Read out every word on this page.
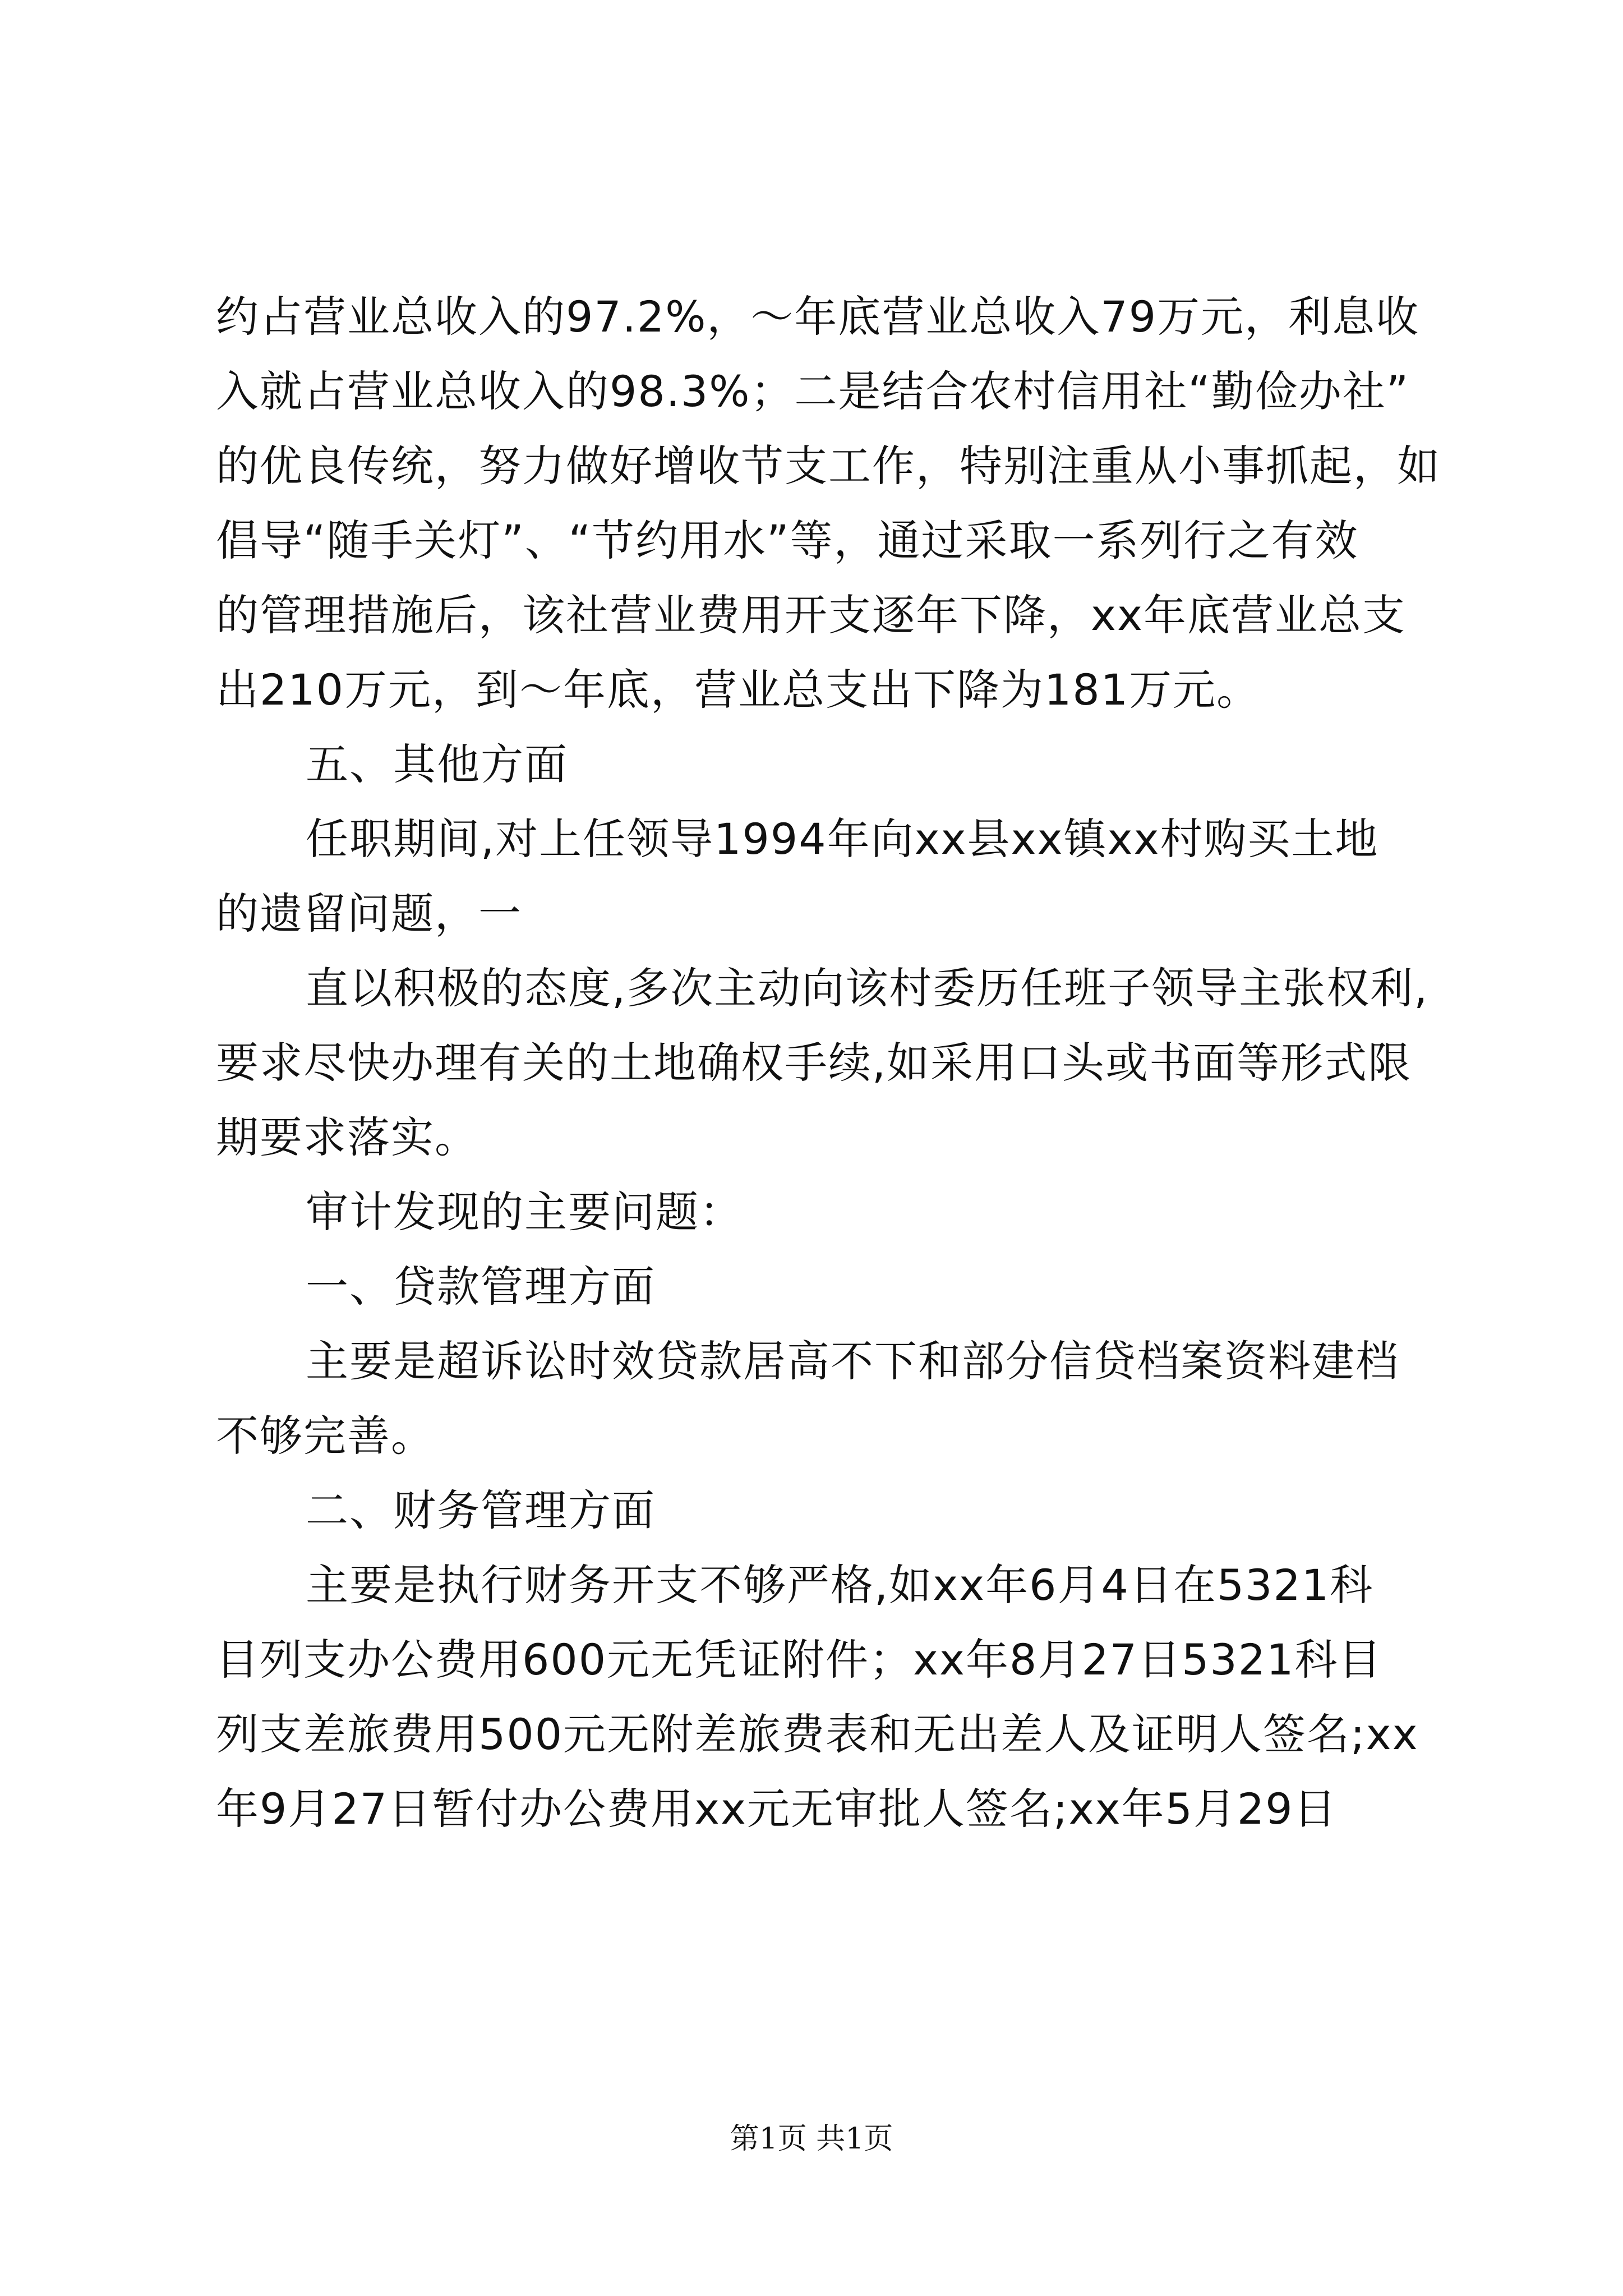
约占营业总收入的97.2%，～年底营业总收入79万元，利息收
入就占营业总收入的98.3%；二是结合农村信用社“勤俭办社”
的优良传统，努力做好增收节支工作，特别注重从小事抓起，如
倡导“随手关灯”、“节约用水”等，通过采取一系列行之有效
的管理措施后，该社营业费用开支逐年下降，xx年底营业总支
出210万元，到～年底，营业总支出下降为181万元。
五、其他方面
任职期间,对上任领导1994年向xx县xx镇xx村购买土地
的遗留问题，一
直以积极的态度,多次主动向该村委历任班子领导主张权利,
要求尽快办理有关的土地确权手续,如采用口头或书面等形式限
期要求落实。
审计发现的主要问题：
一、贷款管理方面
主要是超诉讼时效贷款居高不下和部分信贷档案资料建档
不够完善。
二、财务管理方面
主要是执行财务开支不够严格,如xx年6月4日在5321科
目列支办公费用600元无凭证附件；xx年8月27日5321科目
列支差旅费用500元无附差旅费表和无出差人及证明人签名;xx
年9月27日暂付办公费用xx元无审批人签名;xx年5月29日
第1页 共1页
